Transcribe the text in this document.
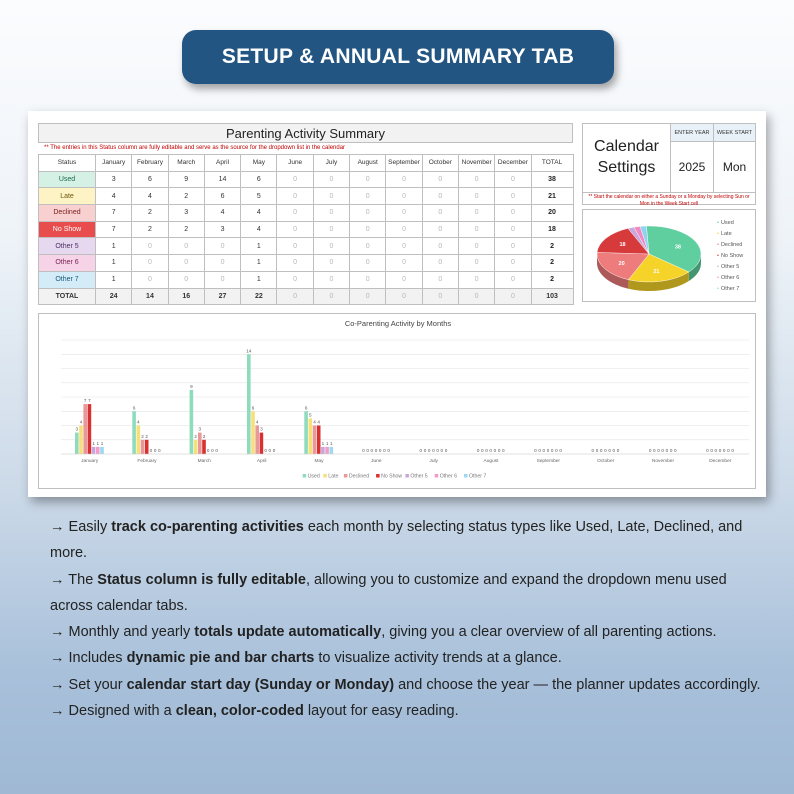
SETUP & ANNUAL SUMMARY TAB
Parenting Activity Summary
** The entries in this Status column are fully editable and serve as the source for the dropdown list in the calendar
Status	January	February	March	April	May	June	July	August	September	October	November	December	TOTAL
Used	3	6	9	14	6	0	0	0	0	0	0	0	38
Late	4	4	2	6	5	0	0	0	0	0	0	0	21
Declined	7	2	3	4	4	0	0	0	0	0	0	0	20
No Show	7	2	2	3	4	0	0	0	0	0	0	0	18
Other 5	1	0	0	0	1	0	0	0	0	0	0	0	2
Other 6	1	0	0	0	1	0	0	0	0	0	0	0	2
Other 7	1	0	0	0	1	0	0	0	0	0	0	0	2
TOTAL	24	14	16	27	22	0	0	0	0	0	0	0	103
Calendar
Settings
ENTER YEAR
2025
WEEK START
Mon
** Start the calendar on either a Sunday or a Monday by selecting Sun or Mon in the Week Start cell
38
21
20
18
• Used
• Late
• Declined
• No Show
• Other 5
• Other 6
• Other 7
Co-Parenting Activity by Months
3
4
7 7
1 1 1
January
6
4
2 2
0 0 0
February
9
2
3
2
0 0 0
March
14
6
4
3
0 0 0
April
6
5
4 4
1 1 1
May
0 0 0 0 0 0 0
June
0 0 0 0 0 0 0
July
0 0 0 0 0 0 0
August
0 0 0 0 0 0 0
September
0 0 0 0 0 0 0
October
0 0 0 0 0 0 0
November
0 0 0 0 0 0 0
December
Used Late Declined No Show Other 5 Other 6 Other 7
→ Easily track co-parenting activities each month by selecting status types like Used, Late, Declined, and more.
→ The Status column is fully editable, allowing you to customize and expand the dropdown menu used across calendar tabs.
→ Monthly and yearly totals update automatically, giving you a clear overview of all parenting actions.
→ Includes dynamic pie and bar charts to visualize activity trends at a glance.
→ Set your calendar start day (Sunday or Monday) and choose the year — the planner updates accordingly.
→ Designed with a clean, color-coded layout for easy reading.
